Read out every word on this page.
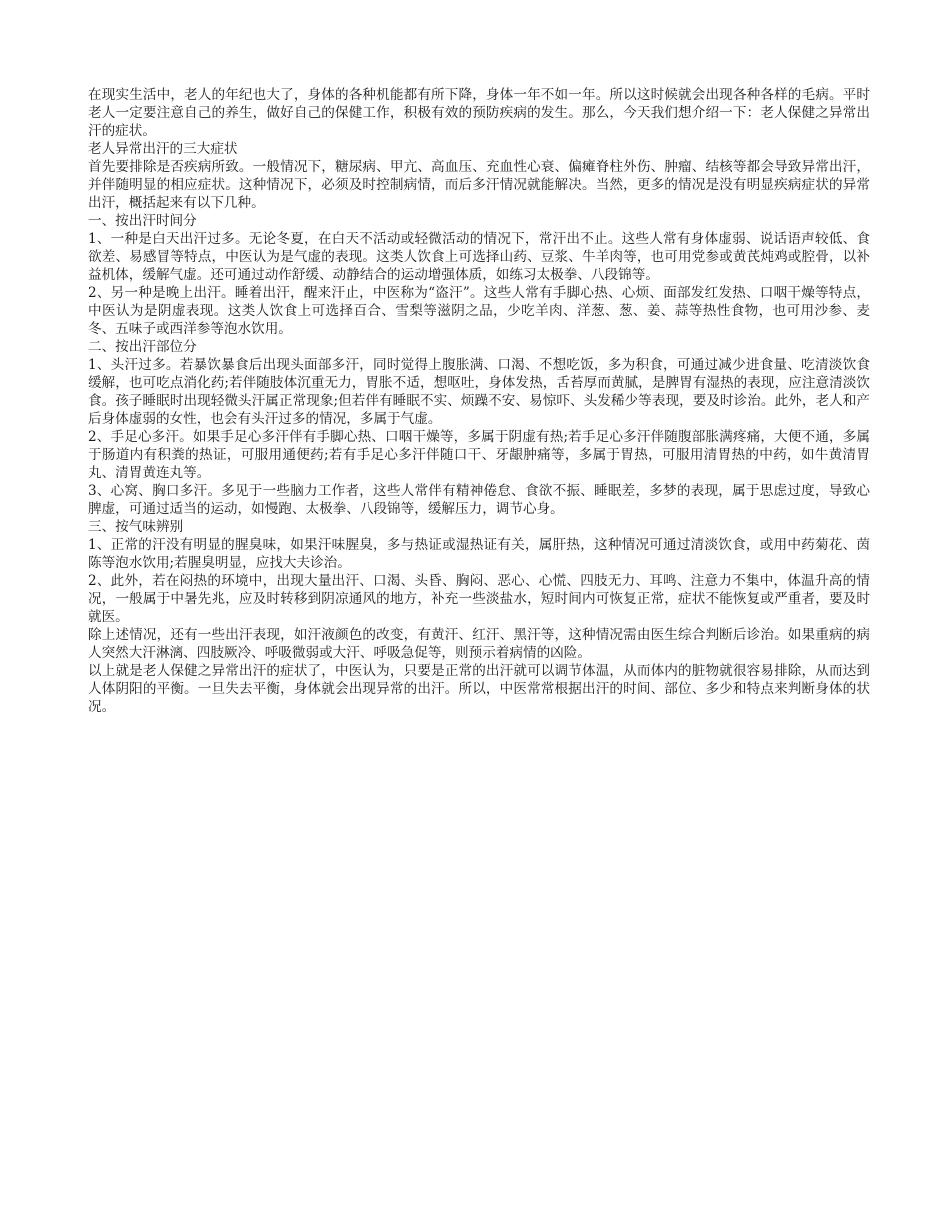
在现实生活中，老人的年纪也大了，身体的各种机能都有所下降，身体一年不如一年。所以这时候就会出现各种各样的毛病。平时老人一定要注意自己的养生，做好自己的保健工作，积极有效的预防疾病的发生。那么，今天我们想介绍一下：老人保健之异常出汗的症状。

老人异常出汗的三大症状

首先要排除是否疾病所致。一般情况下，糖尿病、甲亢、高血压、充血性心衰、偏瘫脊柱外伤、肿瘤、结核等都会导致异常出汗，并伴随明显的相应症状。这种情况下，必须及时控制病情，而后多汗情况就能解决。当然，更多的情况是没有明显疾病症状的异常出汗，概括起来有以下几种。

一、按出汗时间分

1、一种是白天出汗过多。无论冬夏，在白天不活动或轻微活动的情况下，常汗出不止。这些人常有身体虚弱、说话语声较低、食欲差、易感冒等特点，中医认为是气虚的表现。这类人饮食上可选择山药、豆浆、牛羊肉等，也可用党参或黄芪炖鸡或腔骨，以补益机体，缓解气虚。还可通过动作舒缓、动静结合的运动增强体质，如练习太极拳、八段锦等。

2、另一种是晚上出汗。睡着出汗，醒来汗止，中医称为“盗汗”。这些人常有手脚心热、心烦、面部发红发热、口咽干燥等特点，中医认为是阴虚表现。这类人饮食上可选择百合、雪梨等滋阴之品，少吃羊肉、洋葱、葱、姜、蒜等热性食物，也可用沙参、麦冬、五味子或西洋参等泡水饮用。

二、按出汗部位分

1、头汗过多。若暴饮暴食后出现头面部多汗，同时觉得上腹胀满、口渴、不想吃饭，多为积食，可通过减少进食量、吃清淡饮食缓解，也可吃点消化药;若伴随肢体沉重无力，胃胀不适，想呕吐，身体发热，舌苔厚而黄腻，是脾胃有湿热的表现，应注意清淡饮食。孩子睡眠时出现轻微头汗属正常现象;但若伴有睡眠不实、烦躁不安、易惊吓、头发稀少等表现，要及时诊治。此外，老人和产后身体虚弱的女性，也会有头汗过多的情况，多属于气虚。

2、手足心多汗。如果手足心多汗伴有手脚心热、口咽干燥等，多属于阴虚有热;若手足心多汗伴随腹部胀满疼痛，大便不通，多属于肠道内有积粪的热证，可服用通便药;若有手足心多汗伴随口干、牙龈肿痛等，多属于胃热，可服用清胃热的中药，如牛黄清胃丸、清胃黄连丸等。

3、心窝、胸口多汗。多见于一些脑力工作者，这些人常伴有精神倦怠、食欲不振、睡眠差，多梦的表现，属于思虑过度，导致心脾虚，可通过适当的运动，如慢跑、太极拳、八段锦等，缓解压力，调节心身。

三、按气味辨别

1、正常的汗没有明显的腥臭味，如果汗味腥臭，多与热证或湿热证有关，属肝热，这种情况可通过清淡饮食，或用中药菊花、茵陈等泡水饮用;若腥臭明显，应找大夫诊治。

2、此外，若在闷热的环境中，出现大量出汗、口渴、头昏、胸闷、恶心、心慌、四肢无力、耳鸣、注意力不集中，体温升高的情况，一般属于中暑先兆，应及时转移到阴凉通风的地方，补充一些淡盐水，短时间内可恢复正常，症状不能恢复或严重者，要及时就医。

除上述情况，还有一些出汗表现，如汗液颜色的改变，有黄汗、红汗、黑汗等，这种情况需由医生综合判断后诊治。如果重病的病人突然大汗淋漓、四肢厥冷、呼吸微弱或大汗、呼吸急促等，则预示着病情的凶险。

以上就是老人保健之异常出汗的症状了，中医认为，只要是正常的出汗就可以调节体温，从而体内的脏物就很容易排除，从而达到人体阴阳的平衡。一旦失去平衡，身体就会出现异常的出汗。所以，中医常常根据出汗的时间、部位、多少和特点来判断身体的状况。
